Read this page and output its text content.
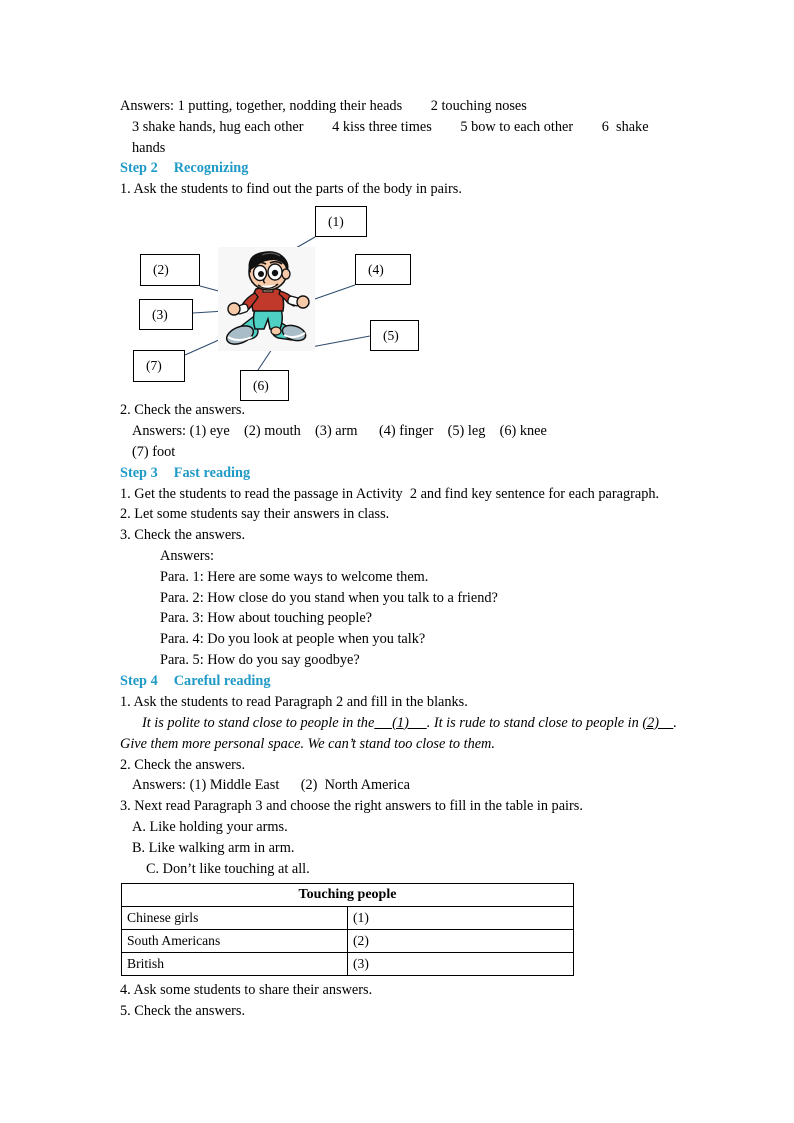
Answers: 1 putting, together, nodding their heads        2 touching noses
3 shake hands, hug each other        4 kiss three times        5 bow to each other        6  shake
hands
Step 2 Recognizing
1. Ask the students to find out the parts of the body in pairs.
(1)
(2)
(3)
(4)
(5)
(6)
(7)
2. Check the answers.
Answers: (1) eye    (2) mouth    (3) arm      (4) finger    (5) leg    (6) knee
(7) foot
Step 3 Fast reading
1. Get the students to read the passage in Activity  2 and find key sentence for each paragraph.
2. Let some students say their answers in class.
3. Check the answers.
Answers:
Para. 1: Here are some ways to welcome them.
Para. 2: How close do you stand when you talk to a friend?
Para. 3: How about touching people?
Para. 4: Do you look at people when you talk?
Para. 5: How do you say goodbye?
Step 4 Careful reading
1. Ask the students to read Paragraph 2 and fill in the blanks.
It is polite to stand close to people in the     (1)     . It is rude to stand close to people in (2)    . Give them more personal space. We can’t stand too close to them.
2. Check the answers.
Answers: (1) Middle East      (2)  North America
3. Next read Paragraph 3 and choose the right answers to fill in the table in pairs.
A. Like holding your arms.
B. Like walking arm in arm.
C. Don’t like touching at all.
Touching people	
Chinese girls	(1)
South Americans	(2)
British	(3)
4. Ask some students to share their answers.
5. Check the answers.
